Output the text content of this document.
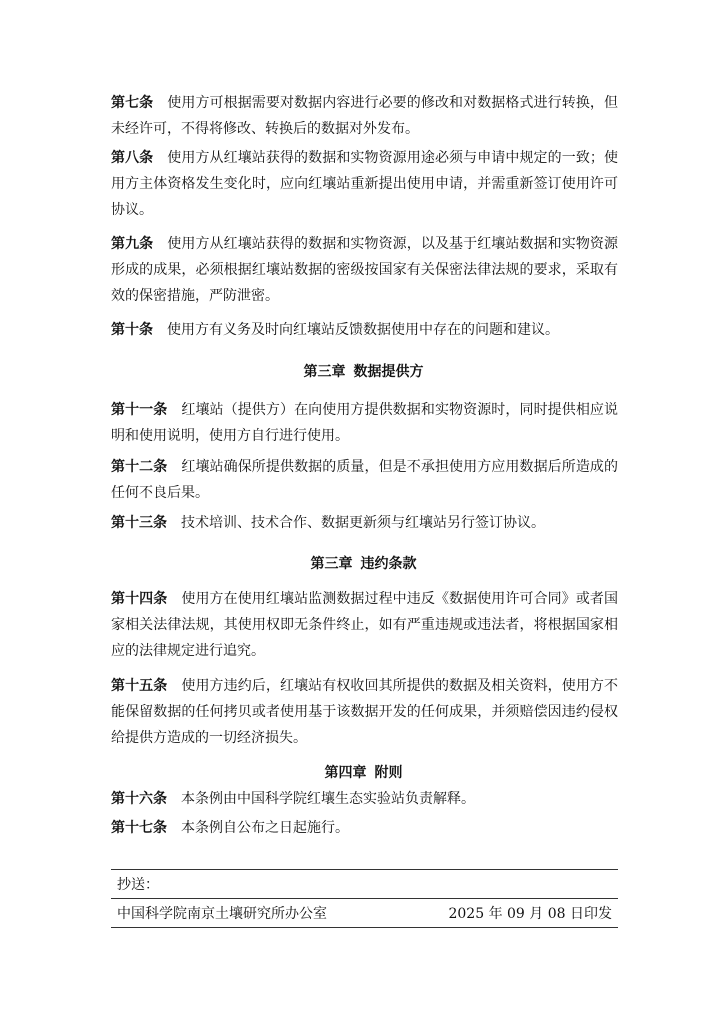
第七条 使用方可根据需要对数据内容进行必要的修改和对数据格式进行转换，但未经许可，不得将修改、转换后的数据对外发布。
第八条 使用方从红壤站获得的数据和实物资源用途必须与申请中规定的一致；使用方主体资格发生变化时，应向红壤站重新提出使用申请，并需重新签订使用许可协议。
第九条 使用方从红壤站获得的数据和实物资源，以及基于红壤站数据和实物资源形成的成果，必须根据红壤站数据的密级按国家有关保密法律法规的要求，采取有效的保密措施，严防泄密。
第十条 使用方有义务及时向红壤站反馈数据使用中存在的问题和建议。
第三章 数据提供方
第十一条 红壤站（提供方）在向使用方提供数据和实物资源时，同时提供相应说明和使用说明，使用方自行进行使用。
第十二条 红壤站确保所提供数据的质量，但是不承担使用方应用数据后所造成的任何不良后果。
第十三条 技术培训、技术合作、数据更新须与红壤站另行签订协议。
第三章 违约条款
第十四条 使用方在使用红壤站监测数据过程中违反《数据使用许可合同》或者国家相关法律法规，其使用权即无条件终止，如有严重违规或违法者，将根据国家相应的法律规定进行追究。
第十五条 使用方违约后，红壤站有权收回其所提供的数据及相关资料，使用方不能保留数据的任何拷贝或者使用基于该数据开发的任何成果，并须赔偿因违约侵权给提供方造成的一切经济损失。
第四章 附则
第十六条 本条例由中国科学院红壤生态实验站负责解释。
第十七条 本条例自公布之日起施行。
抄送：
中国科学院南京土壤研究所办公室	2025 年 09 月 08 日印发
